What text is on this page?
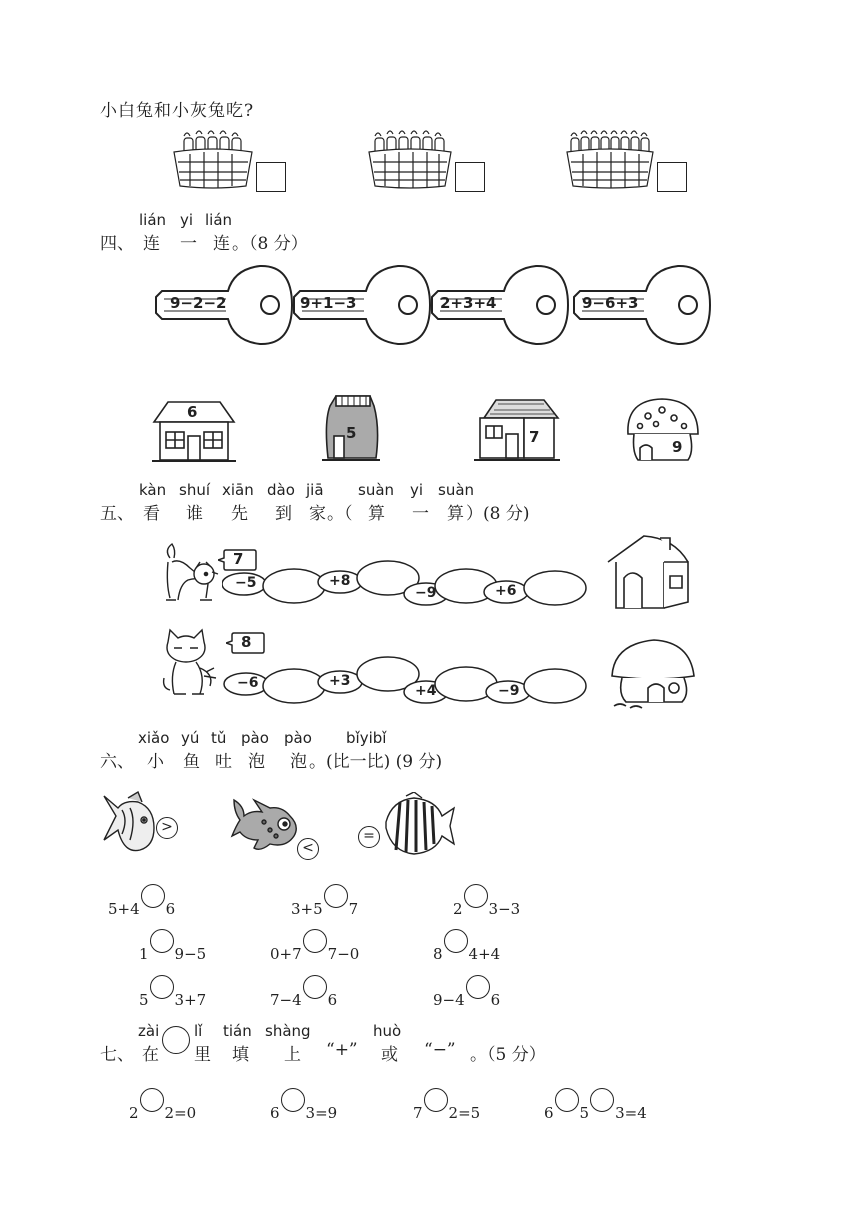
小白兔和小灰兔吃?
lián yi lián
四、 连 一 连 。（8 分）
9−2−2	9+1−3	2+3+4	9−6+3
6
5	7
9
kàn shuí xiān dào jiā suàn yi suàn
五、 看 谁 先 到 家 。（ 算 一 算 ）(8 分)
7
−5	+8
−9	+6
8
−6	+3
+4	−9
xiǎo yú tǔ pào pào bǐyibǐ
六、 小 鱼 吐 泡 泡 。(比一比) (9 分)
>
<
=
5+4 6	3+5 7	2 3−3
1 9−5	0+7 7−0	8 4+4
5 3+7	7−4 6	9−4 6
zài lǐ tián shàng	huò
七、 在 里 填 上 “+” 或 “−” 。（5 分）
2 2=0	6 3=9	7 2=5	6 5 3=4
